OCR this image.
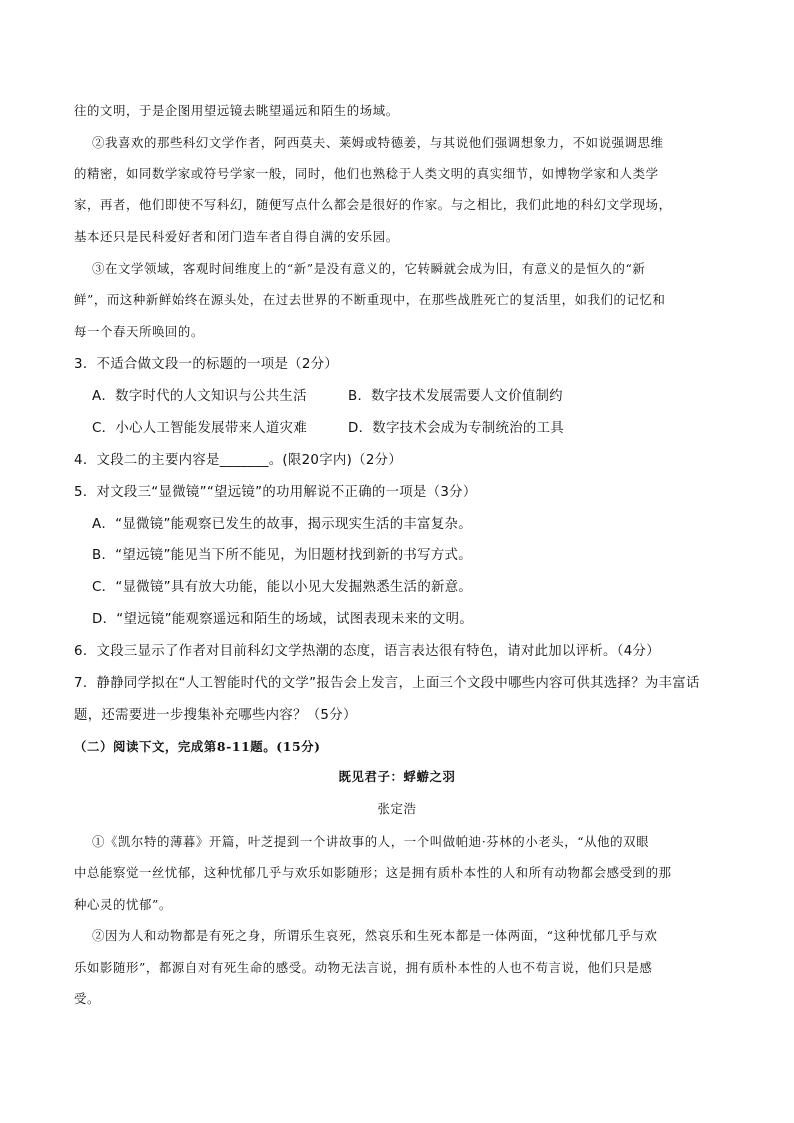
往的文明，于是企图用望远镜去眺望遥远和陌生的场域。
②我喜欢的那些科幻文学作者，阿西莫夫、莱姆或特德姜，与其说他们强调想象力，不如说强调思维
的精密，如同数学家或符号学家一般，同时，他们也熟稔于人类文明的真实细节，如博物学家和人类学
家，再者，他们即使不写科幻，随便写点什么都会是很好的作家。与之相比，我们此地的科幻文学现场，
基本还只是民科爱好者和闭门造车者自得自满的安乐园。
③在文学领域，客观时间维度上的“新”是没有意义的，它转瞬就会成为旧，有意义的是恒久的“新
鲜”，而这种新鲜始终在源头处，在过去世界的不断重现中，在那些战胜死亡的复活里，如我们的记忆和
每一个春天所唤回的。
3．不适合做文段一的标题的一项是（2分）
A．数字时代的人文知识与公共生活	B．数字技术发展需要人文价值制约
C．小心人工智能发展带来人道灾难	D．数字技术会成为专制统治的工具
4．文段二的主要内容是_______。(限20字内)（2分）
5．对文段三“显微镜”“望远镜”的功用解说不正确的一项是（3分）
A．“显微镜”能观察已发生的故事，揭示现实生活的丰富复杂。
B．“望远镜”能见当下所不能见，为旧题材找到新的书写方式。
C．“显微镜”具有放大功能，能以小见大发掘熟悉生活的新意。
D．“望远镜”能观察遥远和陌生的场域，试图表现未来的文明。
6．文段三显示了作者对目前科幻文学热潮的态度，语言表达很有特色，请对此加以评析。（4分）
7．静静同学拟在“人工智能时代的文学”报告会上发言，上面三个文段中哪些内容可供其选择？为丰富话
题，还需要进一步搜集补充哪些内容？（5分）
（二）阅读下文，完成第8-11题。(15分)
既见君子：蜉蝣之羽
张定浩
①《凯尔特的薄暮》开篇，叶芝提到一个讲故事的人，一个叫做帕迪·芬林的小老头，“从他的双眼
中总能察觉一丝忧郁，这种忧郁几乎与欢乐如影随形；这是拥有质朴本性的人和所有动物都会感受到的那
种心灵的忧郁”。
②因为人和动物都是有死之身，所谓乐生哀死，然哀乐和生死本都是一体两面，“这种忧郁几乎与欢
乐如影随形”，都源自对有死生命的感受。动物无法言说，拥有质朴本性的人也不苟言说，他们只是感
受。
